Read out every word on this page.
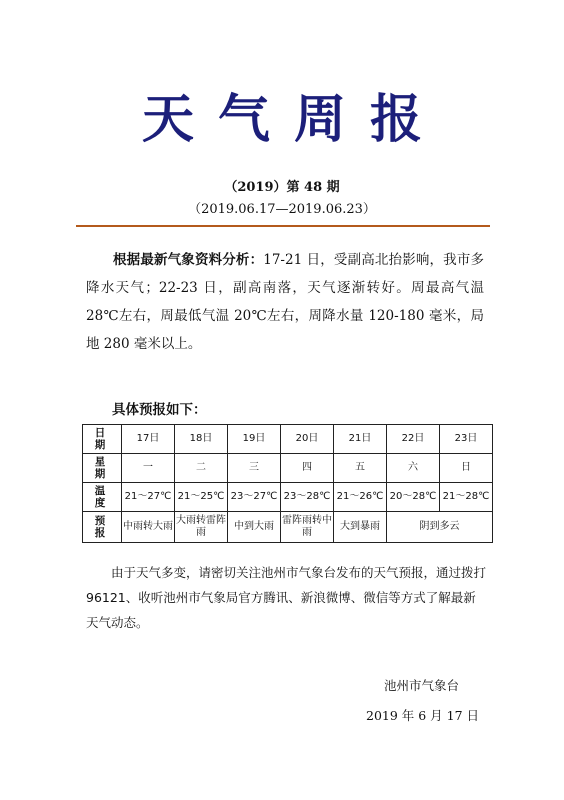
天气周报
（2019）第 48 期
（2019.06.17—2019.06.23）
根据最新气象资料分析：17-21 日，受副高北抬影响，我市多降水天气；22-23 日，副高南落，天气逐渐转好。周最高气温 28℃左右，周最低气温 20℃左右，周降水量 120-180 毫米，局地 280 毫米以上。
具体预报如下：
日 期	17日	18日	19日	20日	21日	22日	23日
星 期	一	二	三	四	五	六	日
温 度	21～27℃	21～25℃	23～27℃	23～28℃	21～26℃	20～28℃	21～28℃
预 报	中雨转大雨	大雨转雷阵雨	中到大雨	雷阵雨转中雨	大到暴雨	阴到多云	
由于天气多变，请密切关注池州市气象台发布的天气预报，通过拨打96121、收听池州市气象局官方腾讯、新浪微博、微信等方式了解最新天气动态。
池州市气象台
2019 年 6 月 17 日
